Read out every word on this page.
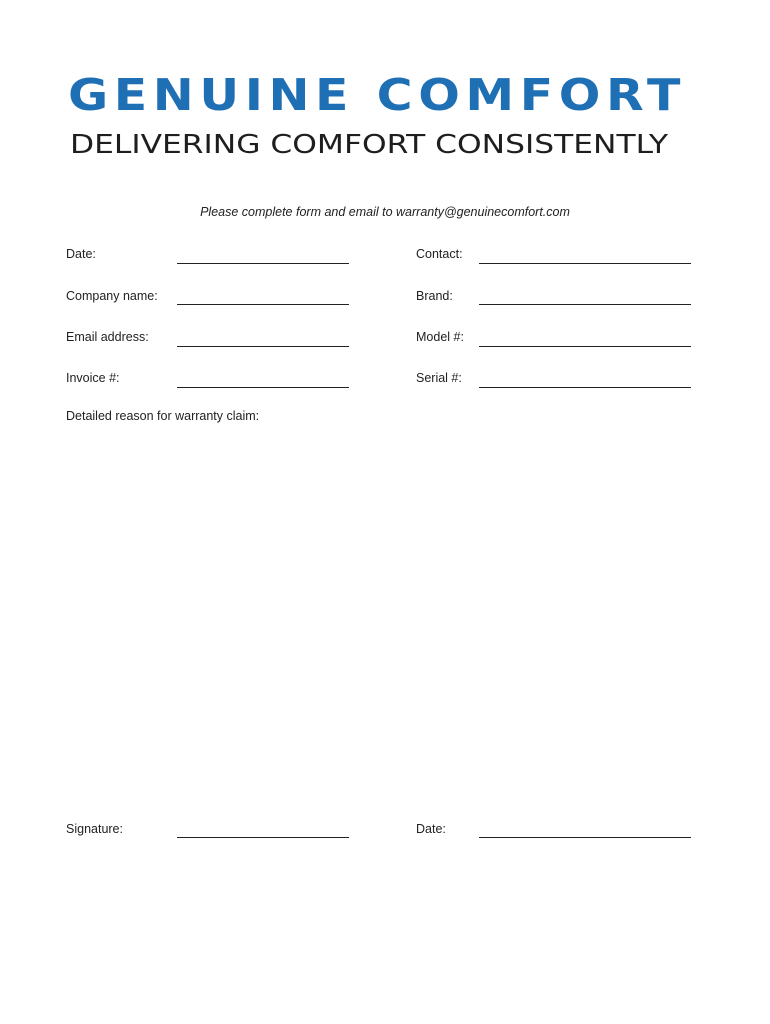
GENUINE COMFORT
DELIVERING COMFORT CONSISTENTLY
Please complete form and email to warranty@genuinecomfort.com
Date:	Contact:
Company name:	Brand:
Email address:	Model #:
Invoice #:	Serial #:
Detailed reason for warranty claim:
Signature:	Date:
